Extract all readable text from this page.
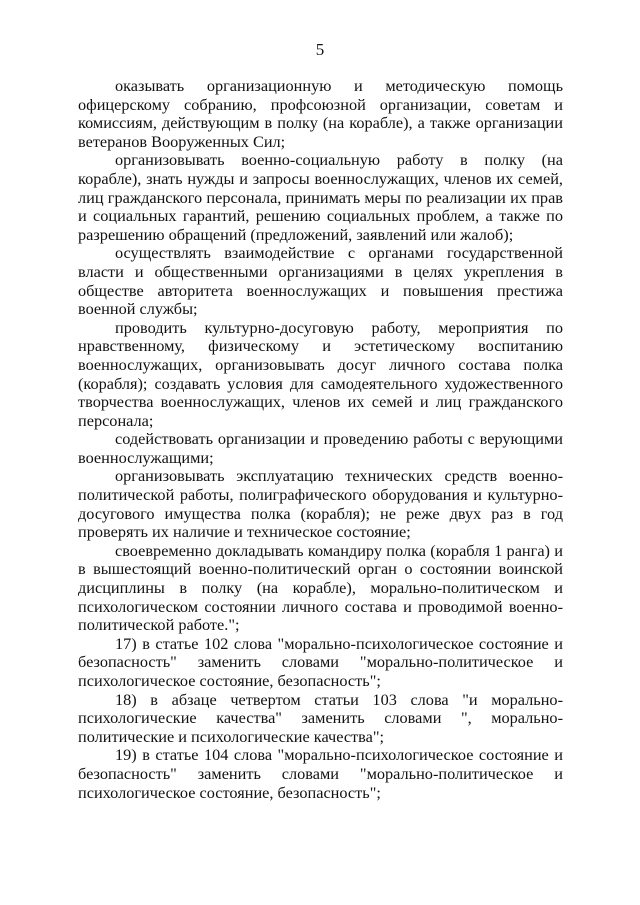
5

оказывать организационную и методическую помощь офицерскому собранию, профсоюзной организации, советам и комиссиям, действующим в полку (на корабле), а также организации ветеранов Вооруженных Сил;

организовывать военно-социальную работу в полку (на корабле), знать нужды и запросы военнослужащих, членов их семей, лиц гражданского персонала, принимать меры по реализации их прав и социальных гарантий, решению социальных проблем, а также по разрешению обращений (предложений, заявлений или жалоб);

осуществлять взаимодействие с органами государственной власти и общественными организациями в целях укрепления в обществе авторитета военнослужащих и повышения престижа военной службы;

проводить культурно-досуговую работу, мероприятия по нравственному, физическому и эстетическому воспитанию военнослужащих, организовывать досуг личного состава полка (корабля); создавать условия для самодеятельного художественного творчества военнослужащих, членов их семей и лиц гражданского персонала;

содействовать организации и проведению работы с верующими военнослужащими;

организовывать эксплуатацию технических средств военно-политической работы, полиграфического оборудования и культурно-досугового имущества полка (корабля); не реже двух раз в год проверять их наличие и техническое состояние;

своевременно докладывать командиру полка (корабля 1 ранга) и в вышестоящий военно-политический орган о состоянии воинской дисциплины в полку (на корабле), морально-политическом и психологическом состоянии личного состава и проводимой военно-политической работе.";

17) в статье 102 слова "морально-психологическое состояние и безопасность" заменить словами "морально-политическое и психологическое состояние, безопасность";

18) в абзаце четвертом статьи 103 слова "и морально-психологические качества" заменить словами ", морально-политические и психологические качества";

19) в статье 104 слова "морально-психологическое состояние и безопасность" заменить словами "морально-политическое и психологическое состояние, безопасность";
